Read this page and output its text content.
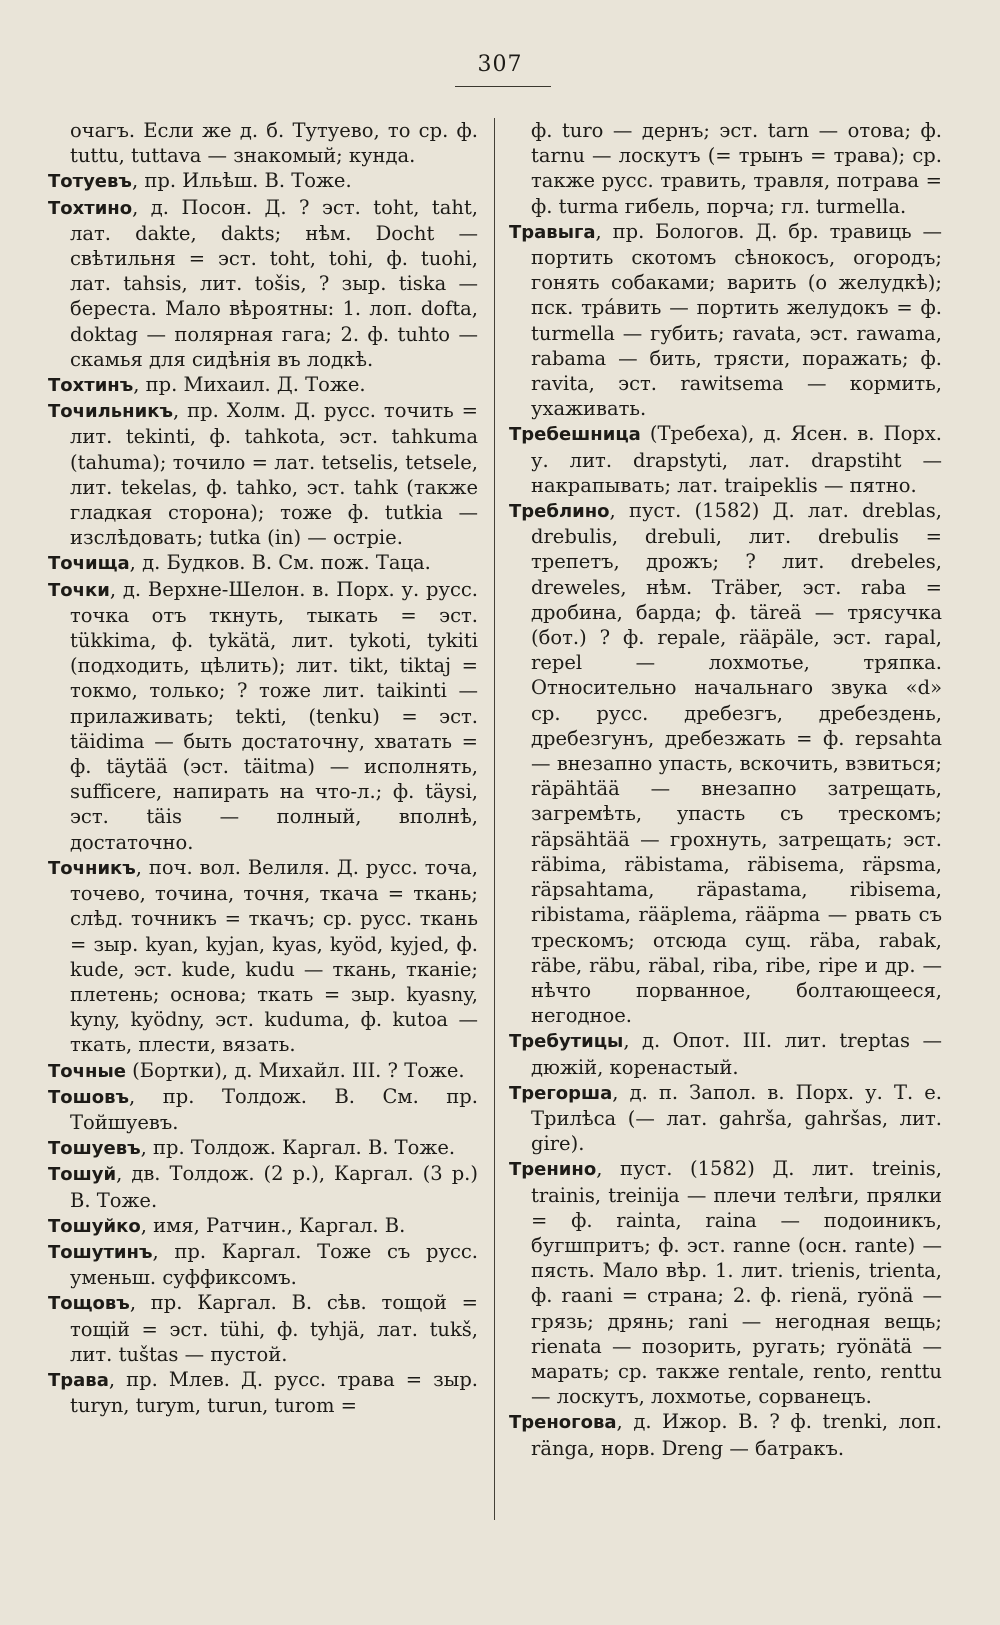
307

очагъ. Если же д. б. Тутуево, то ср. ф. tuttu, tuttava — знакомый; кунда.

Тотуевъ, пр. Ильѣш. В. Тоже.

Тохтино, д. Посон. Д. ? эст. toht, taht, лат. dakte, dakts; нѣм. Docht — свѣтильня = эст. toht, tohi, ф. tuohi, лат. tahsis, лит. tošis, ? зыр. tiska — береста. Мало вѣроятны: 1. лоп. dofta, doktag — полярная гага; 2. ф. tuhto — скамья для сидѣнія въ лодкѣ.

Тохтинъ, пр. Михаил. Д. Тоже.

Точильникъ, пр. Холм. Д. русс. точить = лит. tekinti, ф. tahkota, эст. tahkuma (tahuma); точило = лат. tetselis, tetsele, лит. tekelas, ф. tahko, эст. tahk (также гладкая сторона); тоже ф. tutkia — изслѣдовать; tutka (in) — остріе.

Точища, д. Будков. В. См. пож. Таца.

Точки, д. Верхне-Шелон. в. Порх. у. русс. точка отъ ткнуть, тыкать = эст. tükkima, ф. tykätä, лит. tykoti, tykiti (подходить, цѣлить); лит. tikt, tiktaj = токмо, только; ? тоже лит. taikinti — прилаживать; tekti, (tenku) = эст. täidima — быть достаточну, хватать = ф. täytää (эст. täitma) — исполнять, sufficere, напирать на что-л.; ф. täysi, эст. täis — полный, вполнѣ, достаточно.

Точникъ, поч. вол. Велиля. Д. русс. точа, точево, точина, точня, ткача = ткань; слѣд. точникъ = ткачъ; ср. русс. ткань = зыр. kyan, kyjan, kyas, kyöd, kyjed, ф. kude, эст. kude, kudu — ткань, тканіе; плетень; основа; ткать = зыр. kyasny, kyny, kyödny, эст. kuduma, ф. kutoa — ткать, плести, вязать.

Точные (Бортки), д. Михайл. III. ? Тоже.

Тошовъ, пр. Толдож. В. См. пр. Тойшуевъ.

Тошуевъ, пр. Толдож. Каргал. В. Тоже.

Тошуй, дв. Толдож. (2 р.), Каргал. (3 р.) В. Тоже.

Тошуйко, имя, Ратчин., Каргал. В.

Тошутинъ, пр. Каргал. Тоже съ русс. уменьш. суффиксомъ.

Тощовъ, пр. Каргал. В. сѣв. тощой = тощій = эст. tühi, ф. tyhjä, лат. tukš, лит. tuštas — пустой.

Трава, пр. Млев. Д. русс. трава = зыр. turyn, turym, turun, turom =

ф. turo — дернъ; эст. tarn — отова; ф. tarnu — лоскутъ (= трынъ = трава); ср. также русс. травить, травля, потрава = ф. turma гибель, порча; гл. turmella.

Травыга, пр. Бологов. Д. бр. травиць — портить скотомъ сѣнокосъ, огородъ; гонять собаками; варить (о желудкѣ); пск. трáвить — портить желудокъ = ф. turmella — губить; ravata, эст. rawama, rabama — бить, трясти, поражать; ф. ravita, эст. rawitsema — кормить, ухаживать.

Требешница (Требеха), д. Ясен. в. Порх. у. лит. drapstyti, лат. drapstiht — накрапывать; лат. traipeklis — пятно.

Треблино, пуст. (1582) Д. лат. dreblas, drebulis, drebuli, лит. drebulis = трепетъ, дрожъ; ? лит. drebeles, dreweles, нѣм. Träber, эст. raba = дробина, барда; ф. täreä — трясучка (бот.) ? ф. repale, rääpäle, эст. rapal, repel — лохмотье, тряпка. Относительно начальнаго звука «d» ср. русс. дребезгъ, дребездень, дребезгунъ, дребезжать = ф. repsahta — внезапно упасть, вскочить, взвиться; räpähtää — внезапно затрещать, загремѣть, упасть съ трескомъ; räpsähtää — грохнуть, затрещать; эст. räbima, räbistama, räbisema, räpsma, räpsahtama, räpastama, ribisema, ribistama, rääplema, rääpma — рвать съ трескомъ; отсюда сущ. räba, rabak, räbe, räbu, räbal, riba, ribe, ripe и др. — нѣчто порванное, болтающееся, негодное.

Требутицы, д. Опот. III. лит. treptas — дюжій, коренастый.

Трегорша, д. п. Запол. в. Порх. у. Т. е. Трилѣса (— лат. gahrša, gahršas, лит. gire).

Тренино, пуст. (1582) Д. лит. treinis, trainis, treinija — плечи телѣги, прялки = ф. rainta, raina — подоиникъ, бугшпритъ; ф. эст. ranne (осн. rante) — пясть. Мало вѣр. 1. лит. trienis, trienta, ф. raani = страна; 2. ф. rienä, ryönä — грязь; дрянь; rani — негодная вещь; rienata — позорить, ругать; ryönätä — марать; ср. также rentale, rento, renttu — лоскутъ, лохмотье, сорванецъ.

Треногова, д. Ижор. В. ? ф. trenki, лоп. ränga, норв. Dreng — батракъ.
